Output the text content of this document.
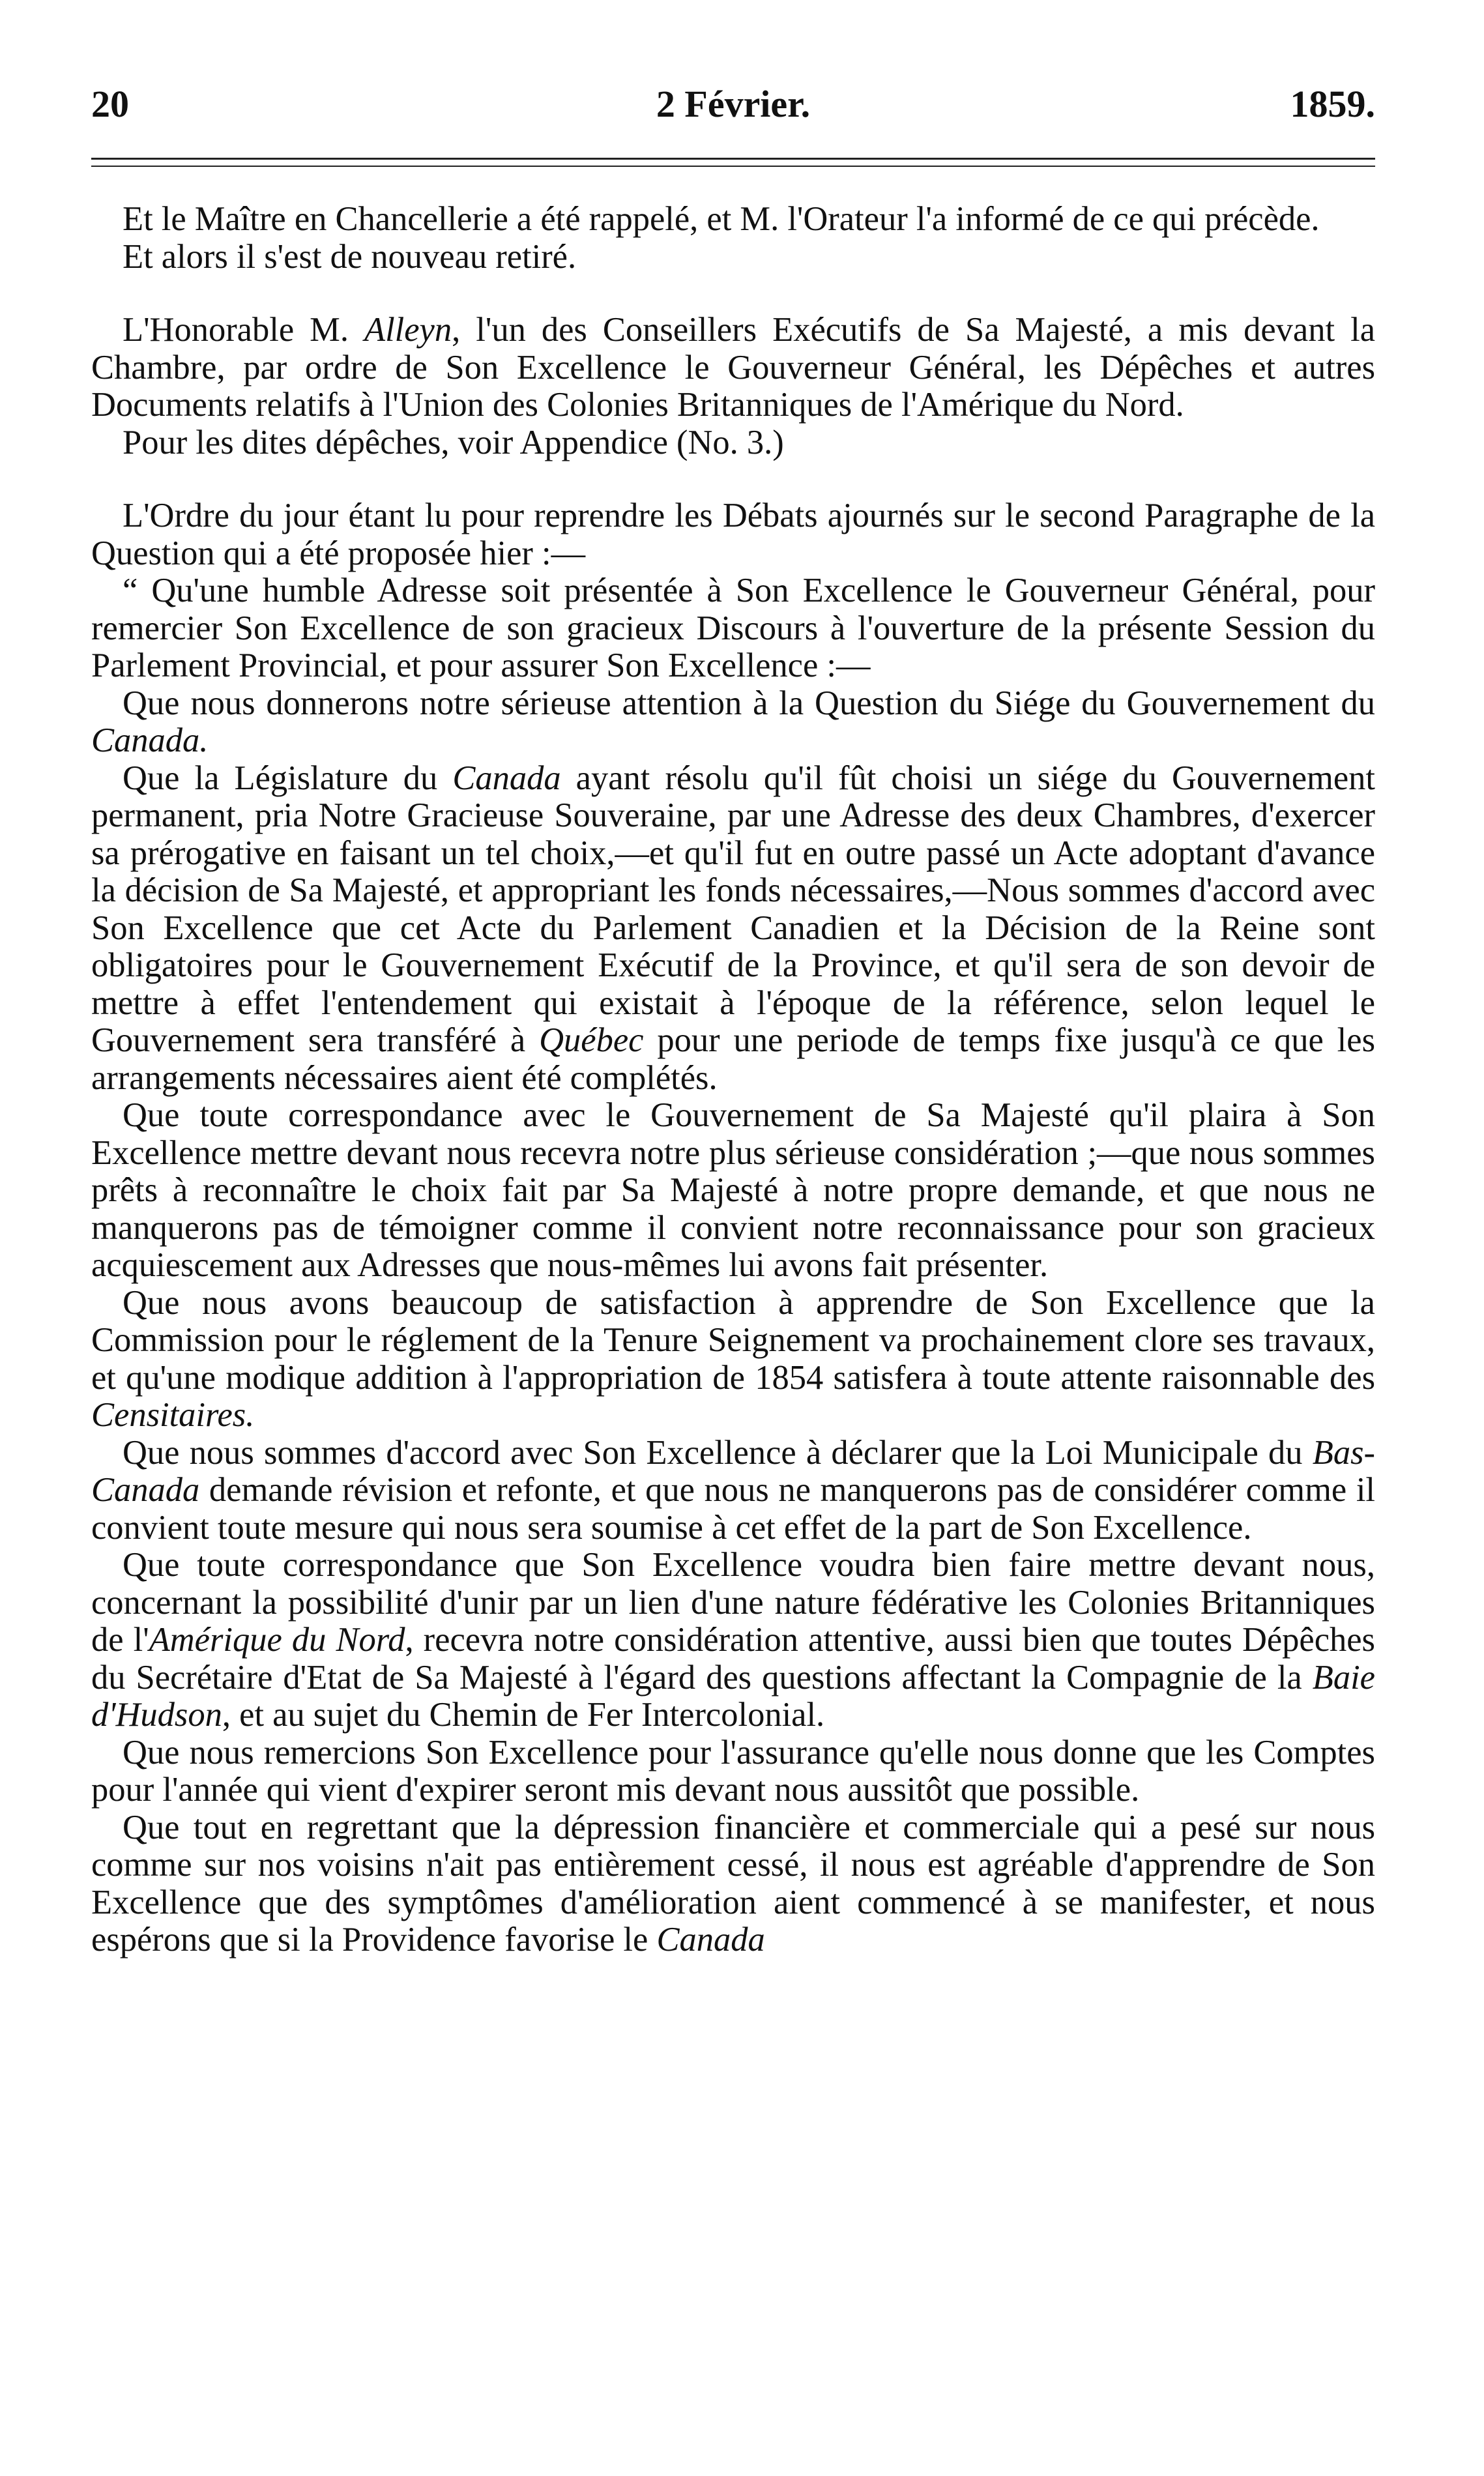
20	2 Février.	1859.

Et le Maître en Chancellerie a été rappelé, et M. l'Orateur l'a informé de ce qui précède.

Et alors il s'est de nouveau retiré.

L'Honorable M. Alleyn, l'un des Conseillers Exécutifs de Sa Majesté, a mis devant la Chambre, par ordre de Son Excellence le Gouverneur Général, les Dépêches et autres Documents relatifs à l'Union des Colonies Britanniques de l'Amérique du Nord.

Pour les dites dépêches, voir Appendice (No. 3.)

L'Ordre du jour étant lu pour reprendre les Débats ajournés sur le second Paragraphe de la Question qui a été proposée hier :—

“ Qu'une humble Adresse soit présentée à Son Excellence le Gouverneur Général, pour remercier Son Excellence de son gracieux Discours à l'ouverture de la présente Session du Parlement Provincial, et pour assurer Son Excellence :—

Que nous donnerons notre sérieuse attention à la Question du Siége du Gouvernement du Canada.

Que la Législature du Canada ayant résolu qu'il fût choisi un siége du Gouvernement permanent, pria Notre Gracieuse Souveraine, par une Adresse des deux Chambres, d'exercer sa prérogative en faisant un tel choix,—et qu'il fut en outre passé un Acte adoptant d'avance la décision de Sa Majesté, et appropriant les fonds nécessaires,—Nous sommes d'accord avec Son Excellence que cet Acte du Parlement Canadien et la Décision de la Reine sont obligatoires pour le Gouvernement Exécutif de la Province, et qu'il sera de son devoir de mettre à effet l'entendement qui existait à l'époque de la référence, selon lequel le Gouvernement sera transféré à Québec pour une periode de temps fixe jusqu'à ce que les arrangements nécessaires aient été complétés.

Que toute correspondance avec le Gouvernement de Sa Majesté qu'il plaira à Son Excellence mettre devant nous recevra notre plus sérieuse considération ;—que nous sommes prêts à reconnaître le choix fait par Sa Majesté à notre propre demande, et que nous ne manquerons pas de témoigner comme il convient notre reconnaissance pour son gracieux acquiescement aux Adresses que nous-mêmes lui avons fait présenter.

Que nous avons beaucoup de satisfaction à apprendre de Son Excellence que la Commission pour le réglement de la Tenure Seignement va prochainement clore ses travaux, et qu'une modique addition à l'appropriation de 1854 satisfera à toute attente raisonnable des Censitaires.

Que nous sommes d'accord avec Son Excellence à déclarer que la Loi Municipale du Bas-Canada demande révision et refonte, et que nous ne manquerons pas de considérer comme il convient toute mesure qui nous sera soumise à cet effet de la part de Son Excellence.

Que toute correspondance que Son Excellence voudra bien faire mettre devant nous, concernant la possibilité d'unir par un lien d'une nature fédérative les Colonies Britanniques de l'Amérique du Nord, recevra notre considération attentive, aussi bien que toutes Dépêches du Secrétaire d'Etat de Sa Majesté à l'égard des questions affectant la Compagnie de la Baie d'Hudson, et au sujet du Chemin de Fer Intercolonial.

Que nous remercions Son Excellence pour l'assurance qu'elle nous donne que les Comptes pour l'année qui vient d'expirer seront mis devant nous aussitôt que possible.

Que tout en regrettant que la dépression financière et commerciale qui a pesé sur nous comme sur nos voisins n'ait pas entièrement cessé, il nous est agréable d'apprendre de Son Excellence que des symptômes d'amélioration aient commencé à se manifester, et nous espérons que si la Providence favorise le Canada
